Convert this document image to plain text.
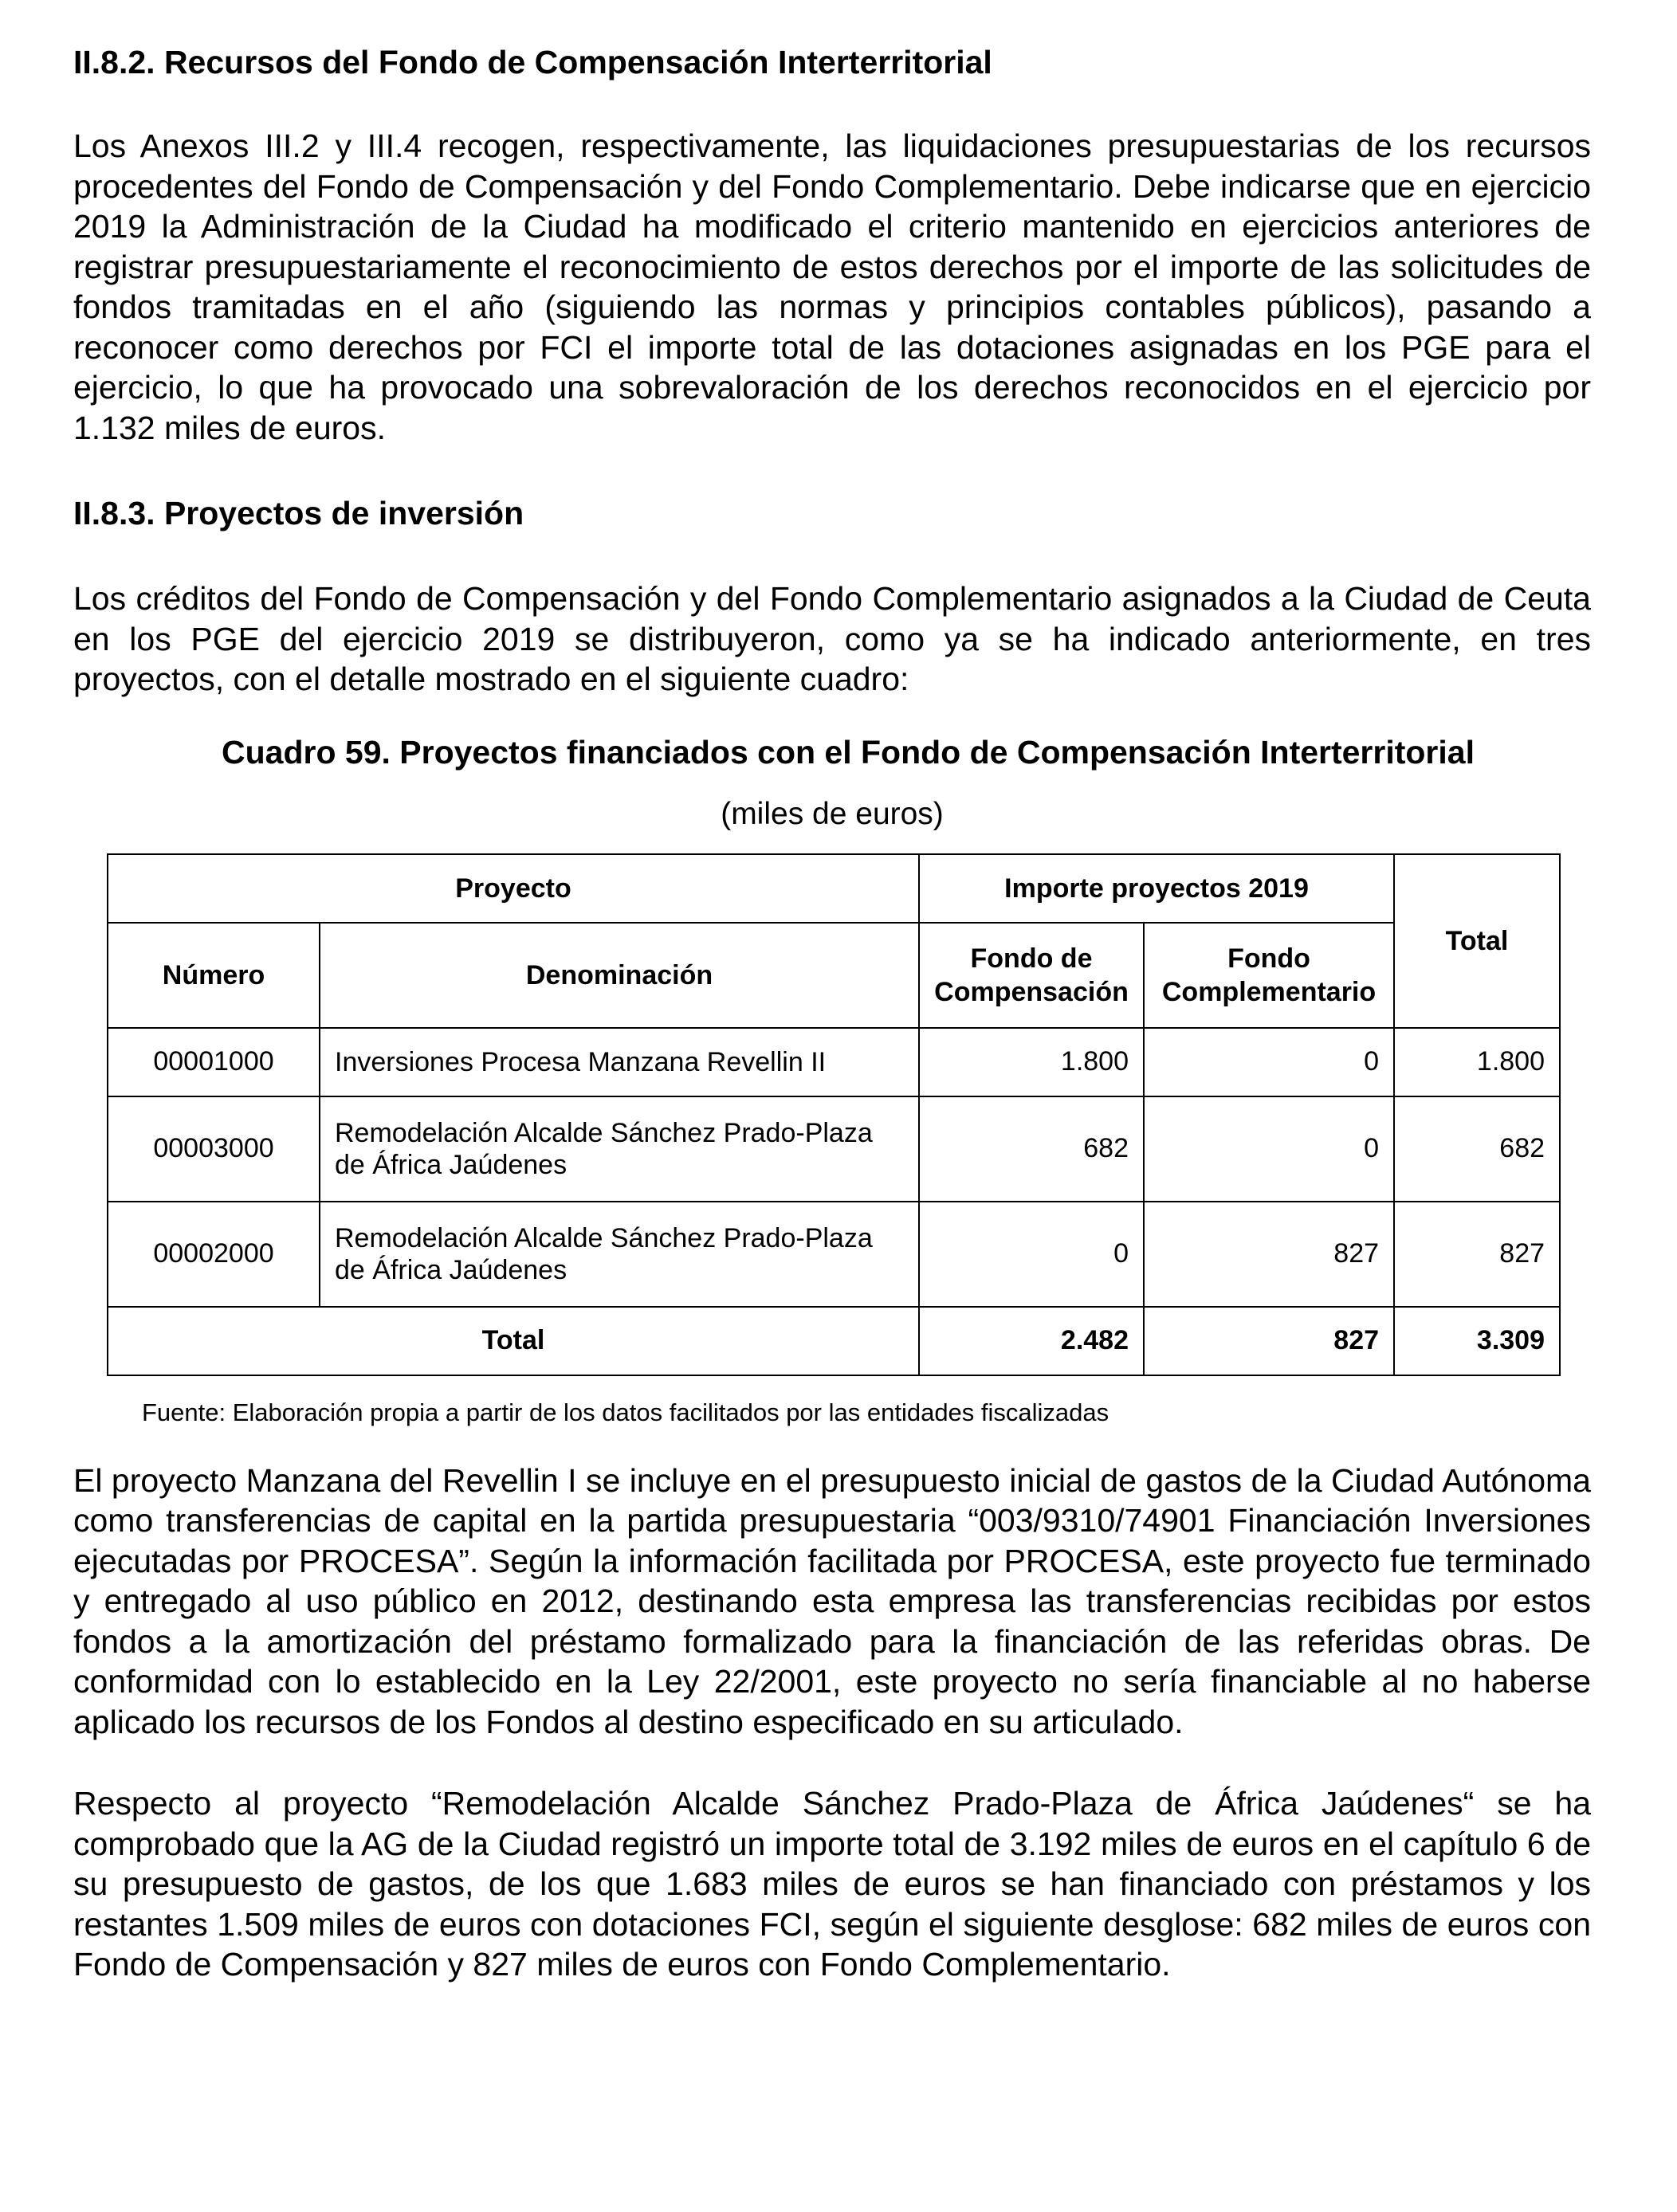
II.8.2. Recursos del Fondo de Compensación Interterritorial

Los Anexos III.2 y III.4 recogen, respectivamente, las liquidaciones presupuestarias de los recursos procedentes del Fondo de Compensación y del Fondo Complementario. Debe indicarse que en ejercicio 2019 la Administración de la Ciudad ha modificado el criterio mantenido en ejercicios anteriores de registrar presupuestariamente el reconocimiento de estos derechos por el importe de las solicitudes de fondos tramitadas en el año (siguiendo las normas y principios contables públicos), pasando a reconocer como derechos por FCI el importe total de las dotaciones asignadas en los PGE para el ejercicio, lo que ha provocado una sobrevaloración de los derechos reconocidos en el ejercicio por 1.132 miles de euros.

II.8.3. Proyectos de inversión

Los créditos del Fondo de Compensación y del Fondo Complementario asignados a la Ciudad de Ceuta en los PGE del ejercicio 2019 se distribuyeron, como ya se ha indicado anteriormente, en tres proyectos, con el detalle mostrado en el siguiente cuadro:

Cuadro 59. Proyectos financiados con el Fondo de Compensación Interterritorial
(miles de euros)
Proyecto		Importe proyectos 2019		Total
Número	Denominación	Fondo de Compensación	Fondo Complementario	
00001000	Inversiones Procesa Manzana Revellin II	1.800	0	1.800
00003000	Remodelación Alcalde Sánchez Prado-Plaza de África Jaúdenes	682	0	682
00002000	Remodelación Alcalde Sánchez Prado-Plaza de África Jaúdenes	0	827	827
Total		2.482	827	3.309
Fuente: Elaboración propia a partir de los datos facilitados por las entidades fiscalizadas

El proyecto Manzana del Revellin I se incluye en el presupuesto inicial de gastos de la Ciudad Autónoma como transferencias de capital en la partida presupuestaria “003/9310/74901 Financiación Inversiones ejecutadas por PROCESA”. Según la información facilitada por PROCESA, este proyecto fue terminado y entregado al uso público en 2012, destinando esta empresa las transferencias recibidas por estos fondos a la amortización del préstamo formalizado para la financiación de las referidas obras. De conformidad con lo establecido en la Ley 22/2001, este proyecto no sería financiable al no haberse aplicado los recursos de los Fondos al destino especificado en su articulado.

Respecto al proyecto “Remodelación Alcalde Sánchez Prado-Plaza de África Jaúdenes“ se ha comprobado que la AG de la Ciudad registró un importe total de 3.192 miles de euros en el capítulo 6 de su presupuesto de gastos, de los que 1.683 miles de euros se han financiado con préstamos y los restantes 1.509 miles de euros con dotaciones FCI, según el siguiente desglose: 682 miles de euros con Fondo de Compensación y 827 miles de euros con Fondo Complementario.
